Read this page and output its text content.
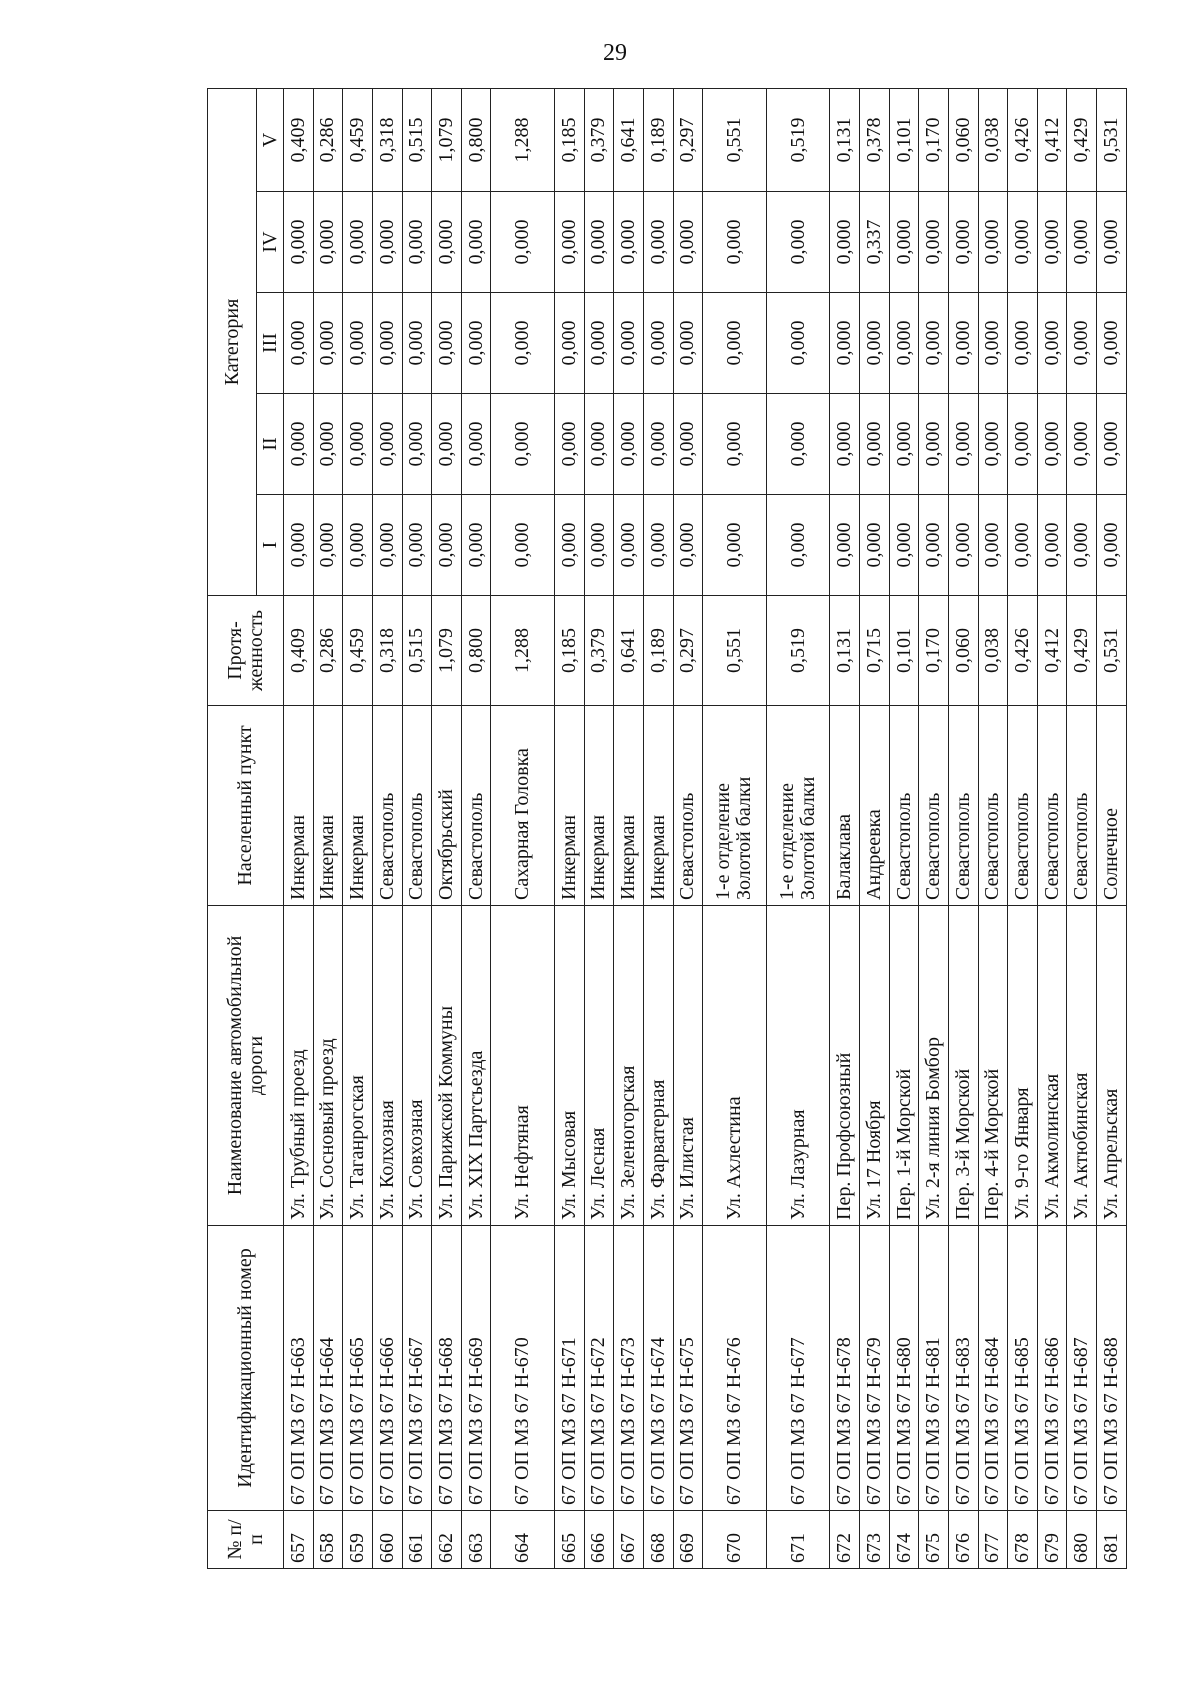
29
№ п/п	Идентификационный номер	Наименование автомобильной дороги	Населенный пункт	Протя-женность	Категория				
					I	II	III	IV	V
657	67 ОП МЗ 67 Н-663	Ул. Трубный проезд	Инкерман	0,409	0,000	0,000	0,000	0,000	0,409
658	67 ОП МЗ 67 Н-664	Ул. Сосновый проезд	Инкерман	0,286	0,000	0,000	0,000	0,000	0,286
659	67 ОП МЗ 67 Н-665	Ул. Таганрогская	Инкерман	0,459	0,000	0,000	0,000	0,000	0,459
660	67 ОП МЗ 67 Н-666	Ул. Колхозная	Севастополь	0,318	0,000	0,000	0,000	0,000	0,318
661	67 ОП МЗ 67 Н-667	Ул. Совхозная	Севастополь	0,515	0,000	0,000	0,000	0,000	0,515
662	67 ОП МЗ 67 Н-668	Ул. Парижской Коммуны	Октябрьский	1,079	0,000	0,000	0,000	0,000	1,079
663	67 ОП МЗ 67 Н-669	Ул. XIX Партсъезда	Севастополь	0,800	0,000	0,000	0,000	0,000	0,800
664	67 ОП МЗ 67 Н-670	Ул. Нефтяная	Сахарная Головка	1,288	0,000	0,000	0,000	0,000	1,288
665	67 ОП МЗ 67 Н-671	Ул. Мысовая	Инкерман	0,185	0,000	0,000	0,000	0,000	0,185
666	67 ОП МЗ 67 Н-672	Ул. Лесная	Инкерман	0,379	0,000	0,000	0,000	0,000	0,379
667	67 ОП МЗ 67 Н-673	Ул. Зеленогорская	Инкерман	0,641	0,000	0,000	0,000	0,000	0,641
668	67 ОП МЗ 67 Н-674	Ул. Фарватерная	Инкерман	0,189	0,000	0,000	0,000	0,000	0,189
669	67 ОП МЗ 67 Н-675	Ул. Илистая	Севастополь	0,297	0,000	0,000	0,000	0,000	0,297
670	67 ОП МЗ 67 Н-676	Ул. Ахлестина	1-е отделение Золотой балки	0,551	0,000	0,000	0,000	0,000	0,551
671	67 ОП МЗ 67 Н-677	Ул. Лазурная	1-е отделение Золотой балки	0,519	0,000	0,000	0,000	0,000	0,519
672	67 ОП МЗ 67 Н-678	Пер. Профсоюзный	Балаклава	0,131	0,000	0,000	0,000	0,000	0,131
673	67 ОП МЗ 67 Н-679	Ул. 17 Ноября	Андреевка	0,715	0,000	0,000	0,000	0,337	0,378
674	67 ОП МЗ 67 Н-680	Пер. 1-й Морской	Севастополь	0,101	0,000	0,000	0,000	0,000	0,101
675	67 ОП МЗ 67 Н-681	Ул. 2-я линия Бомбор	Севастополь	0,170	0,000	0,000	0,000	0,000	0,170
676	67 ОП МЗ 67 Н-683	Пер. 3-й Морской	Севастополь	0,060	0,000	0,000	0,000	0,000	0,060
677	67 ОП МЗ 67 Н-684	Пер. 4-й Морской	Севастополь	0,038	0,000	0,000	0,000	0,000	0,038
678	67 ОП МЗ 67 Н-685	Ул. 9-го Января	Севастополь	0,426	0,000	0,000	0,000	0,000	0,426
679	67 ОП МЗ 67 Н-686	Ул. Акмолинская	Севастополь	0,412	0,000	0,000	0,000	0,000	0,412
680	67 ОП МЗ 67 Н-687	Ул. Актюбинская	Севастополь	0,429	0,000	0,000	0,000	0,000	0,429
681	67 ОП МЗ 67 Н-688	Ул. Апрельская	Солнечное	0,531	0,000	0,000	0,000	0,000	0,531
